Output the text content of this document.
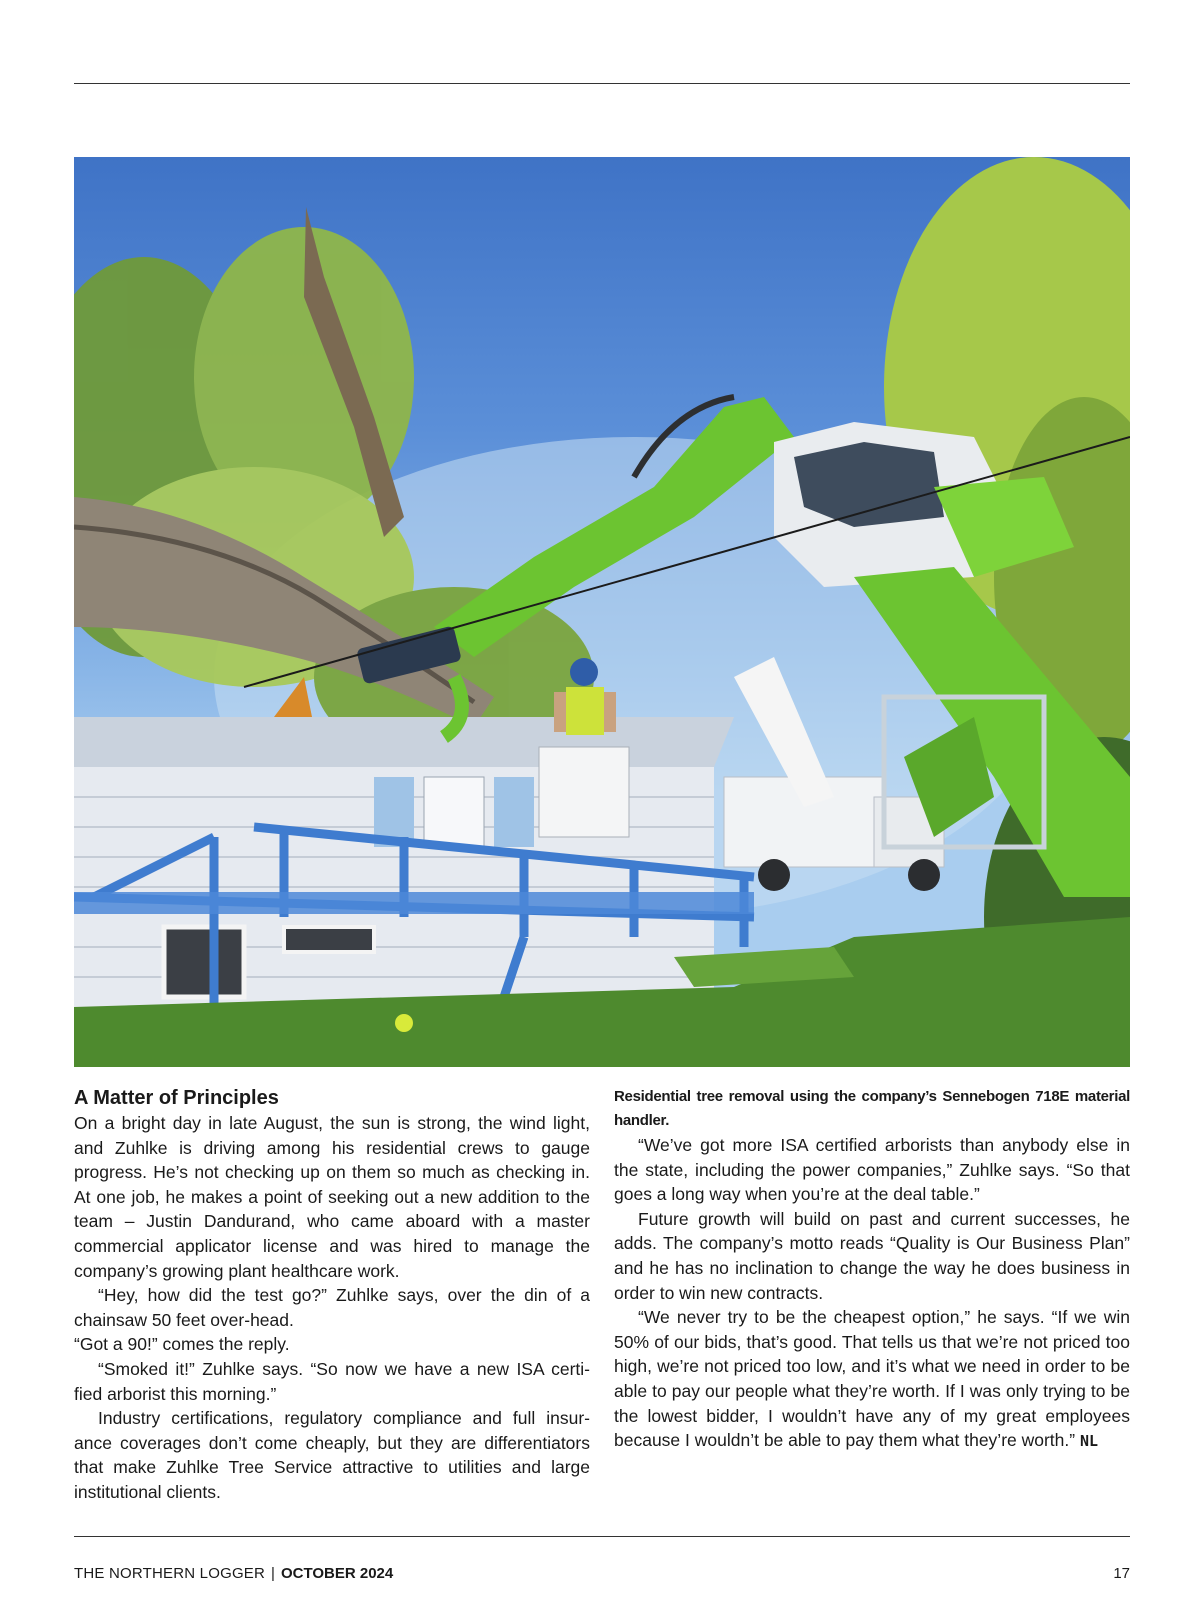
A Matter of Principles

On a bright day in late August, the sun is strong, the wind light, and Zuhlke is driving among his residential crews to gauge progress. He’s not checking up on them so much as checking in. At one job, he makes a point of seeking out a new addition to the team – Justin Dandurand, who came aboard with a master commercial applicator license and was hired to manage the company’s growing plant healthcare work.

“Hey, how did the test go?” Zuhlke says, over the din of a chainsaw 50 feet over-head.

“Got a 90!” comes the reply.

“Smoked it!” Zuhlke says. “So now we have a new ISA certi-fied arborist this morning.”

Industry certifications, regulatory compliance and full insur-ance coverages don’t come cheaply, but they are differentiators that make Zuhlke Tree Service attractive to utilities and large institutional clients.

Residential tree removal using the company’s Sennebogen 718E material handler.

“We’ve got more ISA certified arborists than anybody else in the state, including the power companies,” Zuhlke says. “So that goes a long way when you’re at the deal table.”

Future growth will build on past and current successes, he adds. The company’s motto reads “Quality is Our Business Plan” and he has no inclination to change the way he does business in order to win new contracts.

“We never try to be the cheapest option,” he says. “If we win 50% of our bids, that’s good. That tells us that we’re not priced too high, we’re not priced too low, and it’s what we need in order to be able to pay our people what they’re worth. If I was only trying to be the lowest bidder, I wouldn’t have any of my great employees because I wouldn’t be able to pay them what they’re worth.” NL

THE NORTHERN LOGGER | OCTOBER 2024	17
